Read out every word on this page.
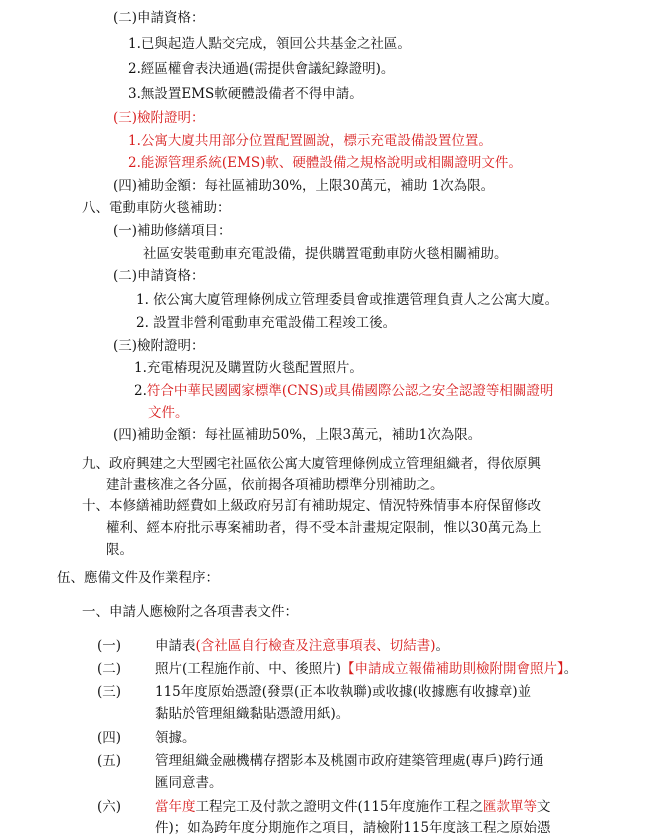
(二)申請資格：
1.已與起造人點交完成，領回公共基金之社區。
2.經區權會表決通過(需提供會議紀錄證明)。
3.無設置EMS軟硬體設備者不得申請。
(三)檢附證明：
1.公寓大廈共用部分位置配置圖說，標示充電設備設置位置。
2.能源管理系統(EMS)軟、硬體設備之規格說明或相關證明文件。
(四)補助金額：每社區補助30%，上限30萬元，補助 1次為限。
八、電動車防火毯補助：
(一)補助修繕項目：
社區安裝電動車充電設備，提供購置電動車防火毯相關補助。
(二)申請資格：
1. 依公寓大廈管理條例成立管理委員會或推選管理負責人之公寓大廈。
2. 設置非營利電動車充電設備工程竣工後。
(三)檢附證明：
1.充電樁現況及購置防火毯配置照片。
2.符合中華民國國家標準(CNS)或具備國際公認之安全認證等相關證明
文件。
(四)補助金額：每社區補助50%，上限3萬元，補助1次為限。
九、政府興建之大型國宅社區依公寓大廈管理條例成立管理組織者，得依原興
建計畫核准之各分區，依前揭各項補助標準分別補助之。
十、本修繕補助經費如上級政府另訂有補助規定、情況特殊情事本府保留修改
權利、經本府批示專案補助者，得不受本計畫規定限制，惟以30萬元為上
限。
伍、應備文件及作業程序：
一、申請人應檢附之各項書表文件：
(一)	申請表(含社區自行檢查及注意事項表、切結書)。
(二)	照片(工程施作前、中、後照片)【申請成立報備補助則檢附開會照片】。
(三)	115年度原始憑證(發票(正本收執聯)或收據(收據應有收據章)並
黏貼於管理組織黏貼憑證用紙)。
(四)	領據。
(五)	管理組織金融機構存摺影本及桃園市政府建築管理處(專戶)跨行通
匯同意書。
(六)	當年度工程完工及付款之證明文件(115年度施作工程之匯款單等文
件)；如為跨年度分期施作之項目，請檢附115年度該工程之原始憑
